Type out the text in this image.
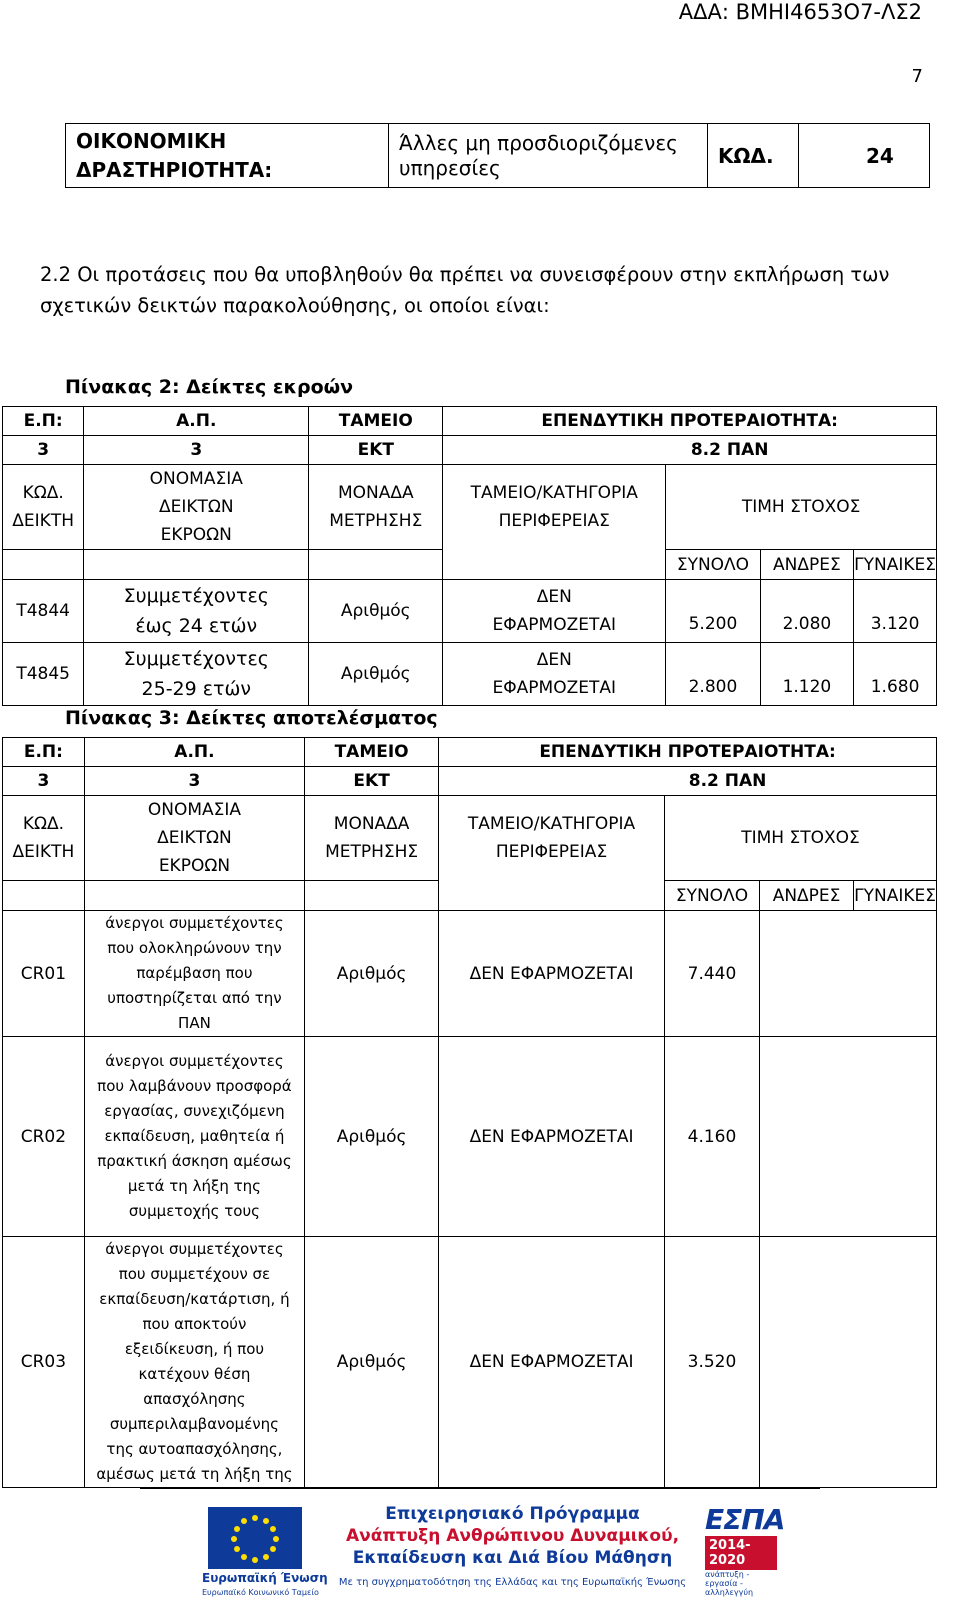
ΑΔΑ: ΒΜΗΙ4653Ο7-ΛΣ2
7
ΟΙΚΟΝΟΜΙΚΗ ΔΡΑΣΤΗΡΙΟΤΗΤΑ:	Άλλες μη προσδιοριζόμενες υπηρεσίες	ΚΩΔ.	24
2.2 Οι προτάσεις που θα υποβληθούν θα πρέπει να συνεισφέρουν στην εκπλήρωση των σχετικών δεικτών παρακολούθησης, οι οποίοι είναι:
Πίνακας 2: Δείκτες εκροών
Ε.Π:	Α.Π.	ΤΑΜΕΙΟ	ΕΠΕΝΔΥΤΙΚΗ ΠΡΟΤΕΡΑΙΟΤΗΤΑ:			
3	3	ΕΚΤ	8.2 ΠΑΝ			
ΚΩΔ. ΔΕΙΚΤΗ	ΟΝΟΜΑΣΙΑ ΔΕΙΚΤΩΝ ΕΚΡΟΩΝ	ΜΟΝΑΔΑ ΜΕΤΡΗΣΗΣ	ΤΑΜΕΙΟ/ΚΑΤΗΓΟΡΙΑ ΠΕΡΙΦΕΡΕΙΑΣ	ΤΙΜΗ ΣΤΟΧΟΣ		
				ΣΥΝΟΛΟ	ΑΝΔΡΕΣ	ΓΥΝΑΙΚΕΣ
T4844	Συμμετέχοντες έως 24 ετών	Αριθμός	ΔΕΝ ΕΦΑΡΜΟΖΕΤΑΙ	5.200	2.080	3.120
T4845	Συμμετέχοντες 25-29 ετών	Αριθμός	ΔΕΝ ΕΦΑΡΜΟΖΕΤΑΙ	2.800	1.120	1.680
Πίνακας 3: Δείκτες αποτελέσματος
Ε.Π:	Α.Π.	ΤΑΜΕΙΟ	ΕΠΕΝΔΥΤΙΚΗ ΠΡΟΤΕΡΑΙΟΤΗΤΑ:			
3	3	ΕΚΤ	8.2 ΠΑΝ			
ΚΩΔ. ΔΕΙΚΤΗ	ΟΝΟΜΑΣΙΑ ΔΕΙΚΤΩΝ ΕΚΡΟΩΝ	ΜΟΝΑΔΑ ΜΕΤΡΗΣΗΣ	ΤΑΜΕΙΟ/ΚΑΤΗΓΟΡΙΑ ΠΕΡΙΦΕΡΕΙΑΣ	ΤΙΜΗ ΣΤΟΧΟΣ		
				ΣΥΝΟΛΟ	ΑΝΔΡΕΣ	ΓΥΝΑΙΚΕΣ
CR01	άνεργοι συμμετέχοντες που ολοκληρώνουν την παρέμβαση που υποστηρίζεται από την ΠΑΝ	Αριθμός	ΔΕΝ ΕΦΑΡΜΟΖΕΤΑΙ	7.440		
CR02	άνεργοι συμμετέχοντες που λαμβάνουν προσφορά εργασίας, συνεχιζόμενη εκπαίδευση, μαθητεία ή πρακτική άσκηση αμέσως μετά τη λήξη της συμμετοχής τους	Αριθμός	ΔΕΝ ΕΦΑΡΜΟΖΕΤΑΙ	4.160		
CR03	άνεργοι συμμετέχοντες που συμμετέχουν σε εκπαίδευση/κατάρτιση, ή που αποκτούν εξειδίκευση, ή που κατέχουν θέση απασχόλησης συμπεριλαμβανομένης της αυτοαπασχόλησης, αμέσως μετά τη λήξη της	Αριθμός	ΔΕΝ ΕΦΑΡΜΟΖΕΤΑΙ	3.520		
Ευρωπαϊκή Ένωση
Ευρωπαϊκό Κοινωνικό Ταμείο
Επιχειρησιακό Πρόγραμμα
Ανάπτυξη Ανθρώπινου Δυναμικού,
Εκπαίδευση και Διά Βίου Μάθηση
Με τη συγχρηματοδότηση της Ελλάδας και της Ευρωπαϊκής Ένωσης
ΕΣΠΑ
2014-2020
ανάπτυξη - εργασία - αλληλεγγύη
